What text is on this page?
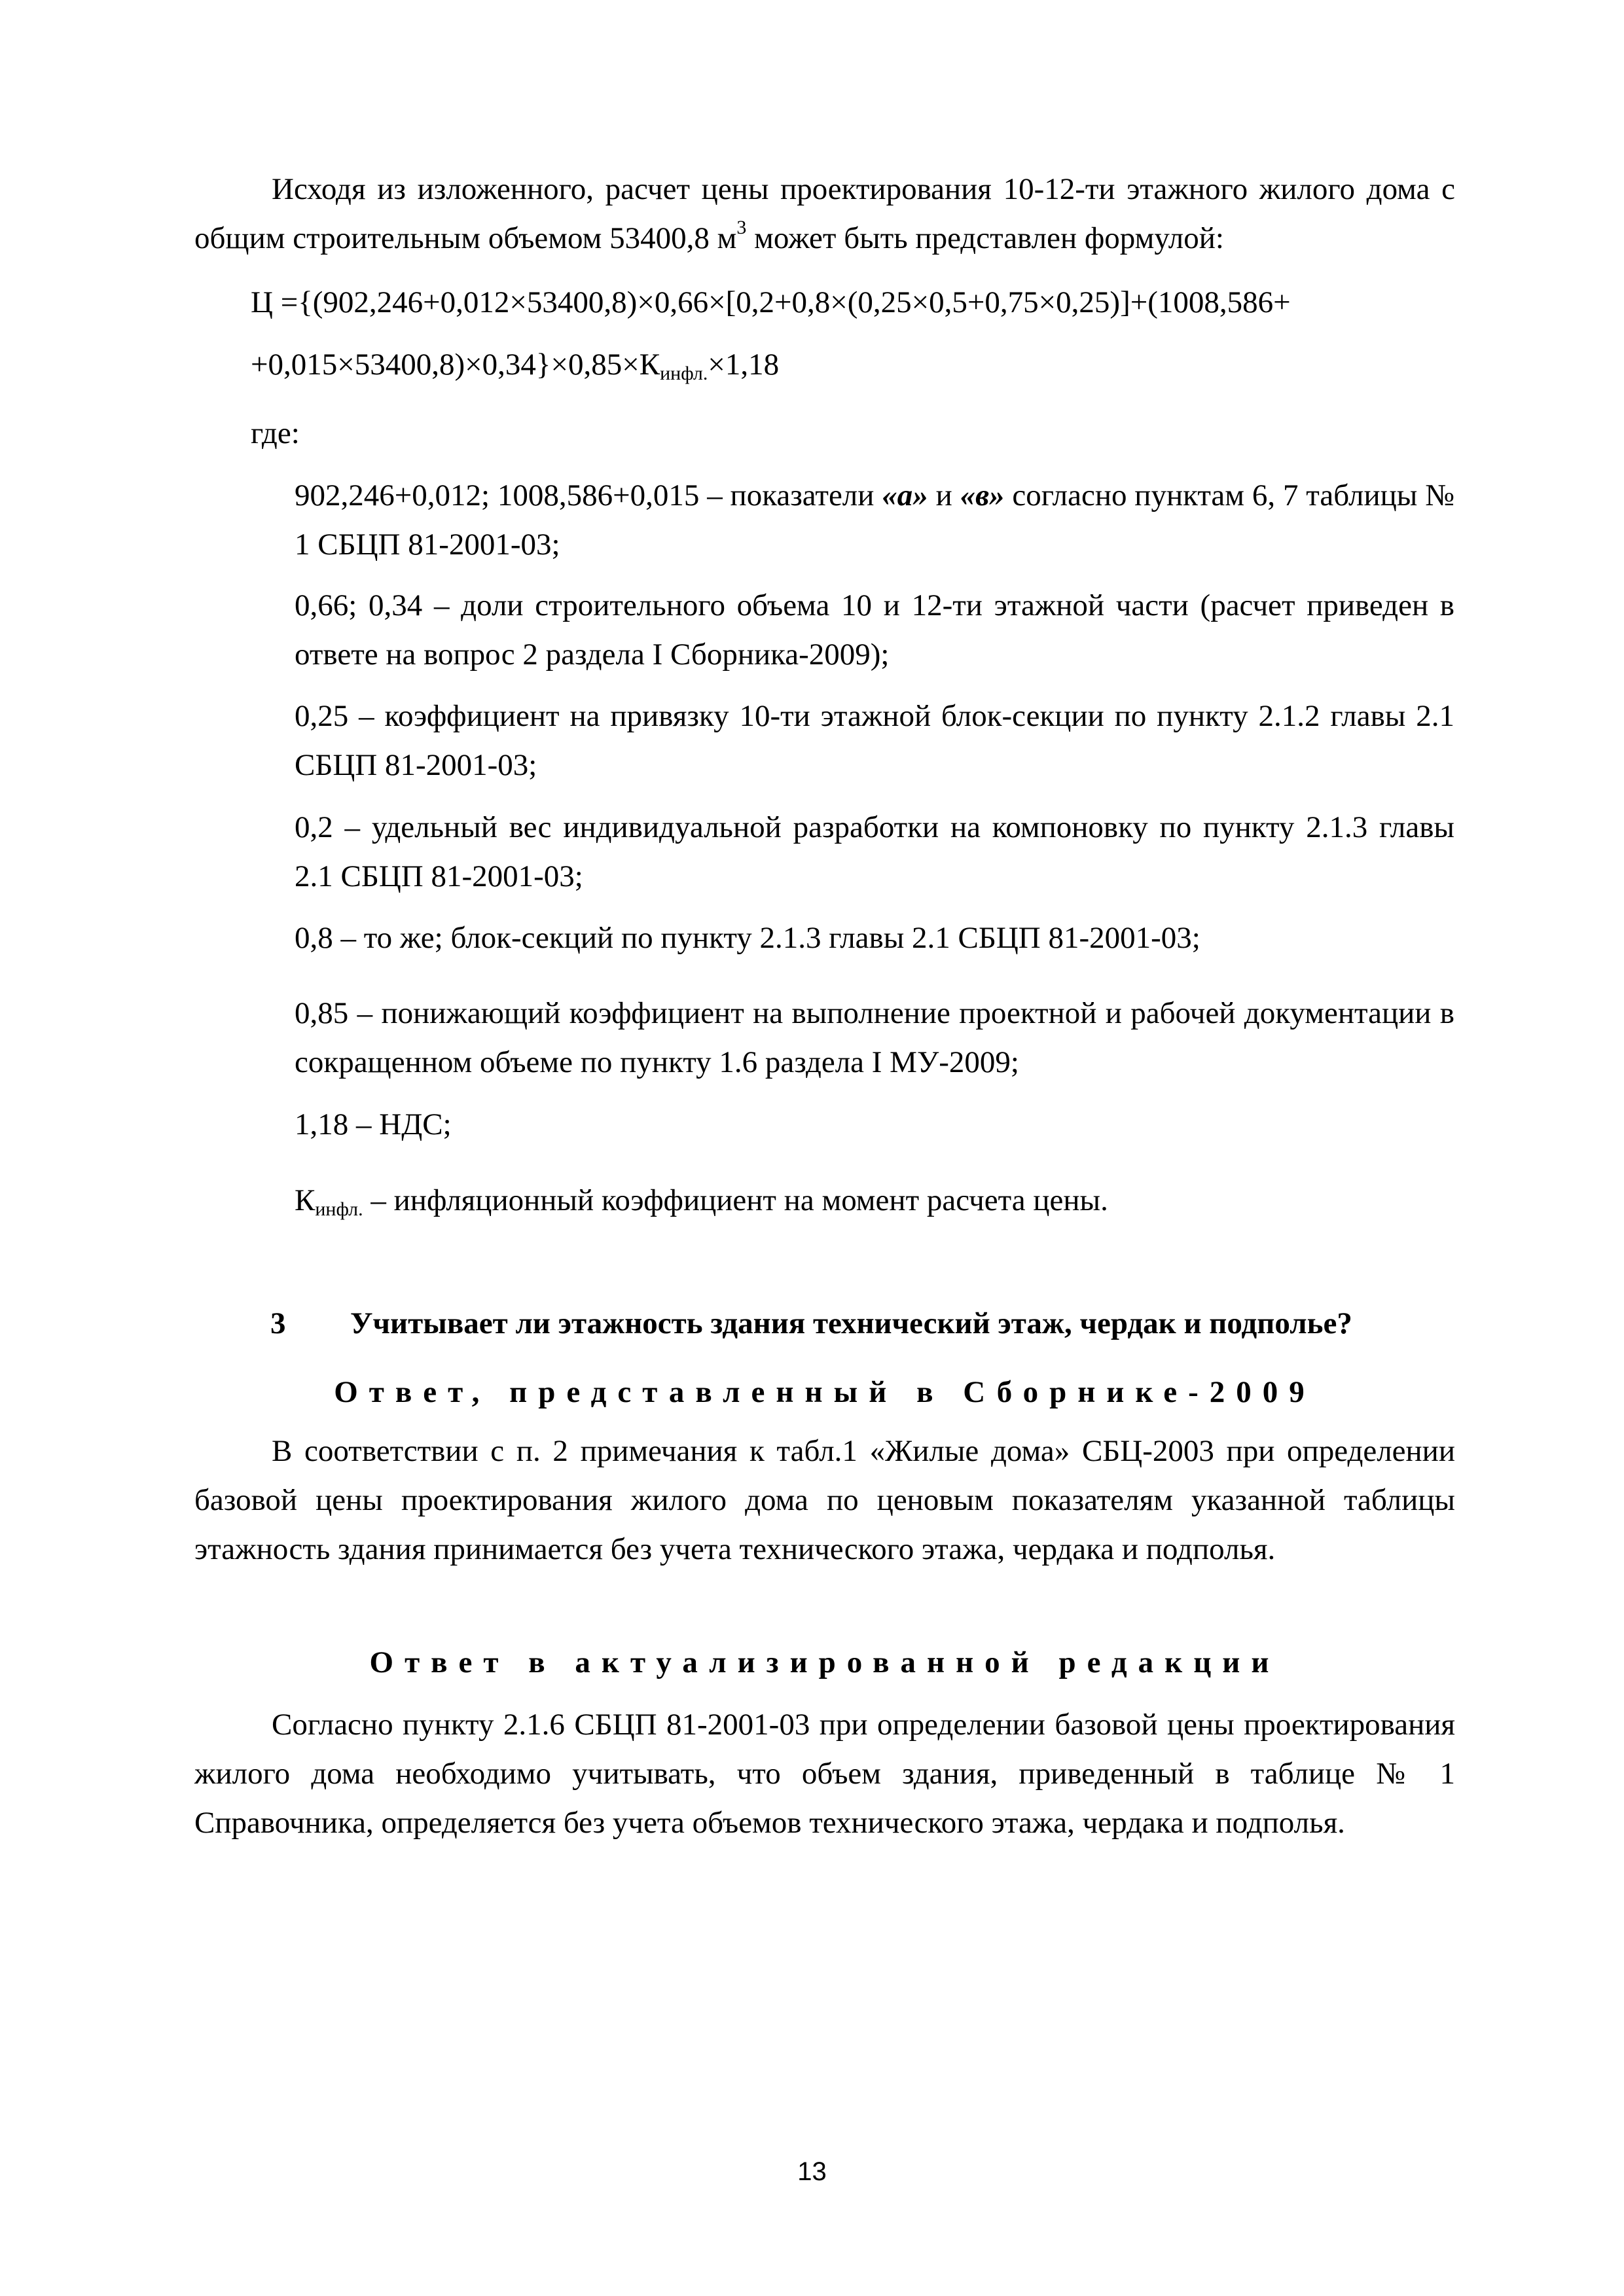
Исходя из изложенного, расчет цены проектирования 10-12-ти этажного жилого дома с общим строительным объемом 53400,8 $м^3$ может быть представлен формулой:

Ц ={(902,246+0,012×53400,8)×0,66×[0,2+0,8×(0,25×0,5+0,75×0,25)]+(1008,586+

$+0,015\times 53400,8)\times 0,34\}\times 0,85\times К_{инфл.}\times 1,18$

где:

902,246+0,012; 1008,586+0,015 – показатели «а» и «в» согласно пунктам 6, 7 таблицы № 1 СБЦП 81-2001-03;

0,66; 0,34 – доли строительного объема 10 и 12-ти этажной части (расчет приведен в ответе на вопрос 2 раздела I Сборника-2009);

0,25 – коэффициент на привязку 10-ти этажной блок-секции по пункту 2.1.2 главы 2.1 СБЦП 81-2001-03;

0,2 – удельный вес индивидуальной разработки на компоновку по пункту 2.1.3 главы 2.1 СБЦП 81-2001-03;

0,8 – то же; блок-секций по пункту 2.1.3 главы 2.1 СБЦП 81-2001-03;

0,85 – понижающий коэффициент на выполнение проектной и рабочей документации в сокращенном объеме по пункту 1.6 раздела I МУ-2009;

1,18 – НДС;

$К_{инфл.}$ – инфляционный коэффициент на момент расчета цены.

3 Учитывает ли этажность здания технический этаж, чердак и подполье?

Ответ, представленный в Сборнике-2009

В соответствии с п. 2 примечания к табл.1 «Жилые дома» СБЦ-2003 при определении базовой цены проектирования жилого дома по ценовым показателям указанной таблицы этажность здания принимается без учета технического этажа, чердака и подполья.

Ответ в актуализированной редакции

Согласно пункту 2.1.6 СБЦП 81-2001-03 при определении базовой цены проектирования жилого дома необходимо учитывать, что объем здания, приведенный в таблице № 1 Справочника, определяется без учета объемов технического этажа, чердака и подполья.

13
